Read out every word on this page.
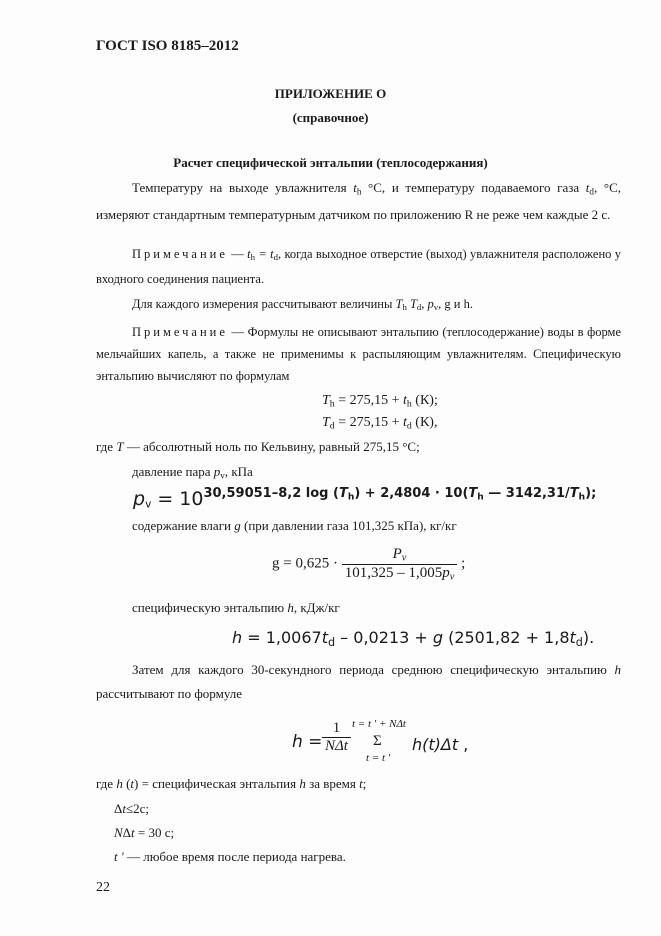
ГОСТ ISO 8185–2012
ПРИЛОЖЕНИЕ О
(справочное)
Расчет специфической энтальпии (теплосодержания)
Температуру на выходе увлажнителя $t_h$ °С, и температуру подаваемого газа $t_d$, °С, измеряют стандартным температурным датчиком по приложению R не реже чем каждые 2 с.
Примечание — $t_h = t_d$, когда выходное отверстие (выход) увлажнителя расположено у входного соединения пациента.
Для каждого измерения рассчитывают величины $T_h$ $T_d$, $p_v$, g и h.
Примечание — Формулы не описывают энтальпию (теплосодержание) воды в форме мельчайших капель, а также не применимы к распыляющим увлажнителям. Специфическую энтальпию вычисляют по формулам
$T_h = 275,15 + t_h$ (К);
$T_d = 275,15 + t_d$ (К),
где T — абсолютный ноль по Кельвину, равный 275,15 °С;
давление пара $p_v$, кПа
$p_v = 1030,59051-8,2$ $\log (T_h) + 2,4804 \cdot 10(T_h$ — $3142,31/T_h$);
содержание влаги g (при давлении газа 101,325 кПа), кг/кг
$g = 0,625 \cdot \frac{P_v}{101,325 - 1,005p_v}$ ;
специфическую энтальпию h, кДж/кг
$h = 1,0067t_d - 0,0213 + g$ $(2501,82 + 1,8t_d)$.
Затем для каждого 30-секундного периода среднюю специфическую энтальпию h рассчитывают по формуле
$h = \frac{1}{\text{NΔt}}$ t = t ′ + NΔt
Σ
t = t ′
h(t)Δt ,
где h (t) = специфическая энтальпия h за время t;
Δt≤2с;
NΔt = 30 с;
t ′ — любое время после периода нагрева.
22
